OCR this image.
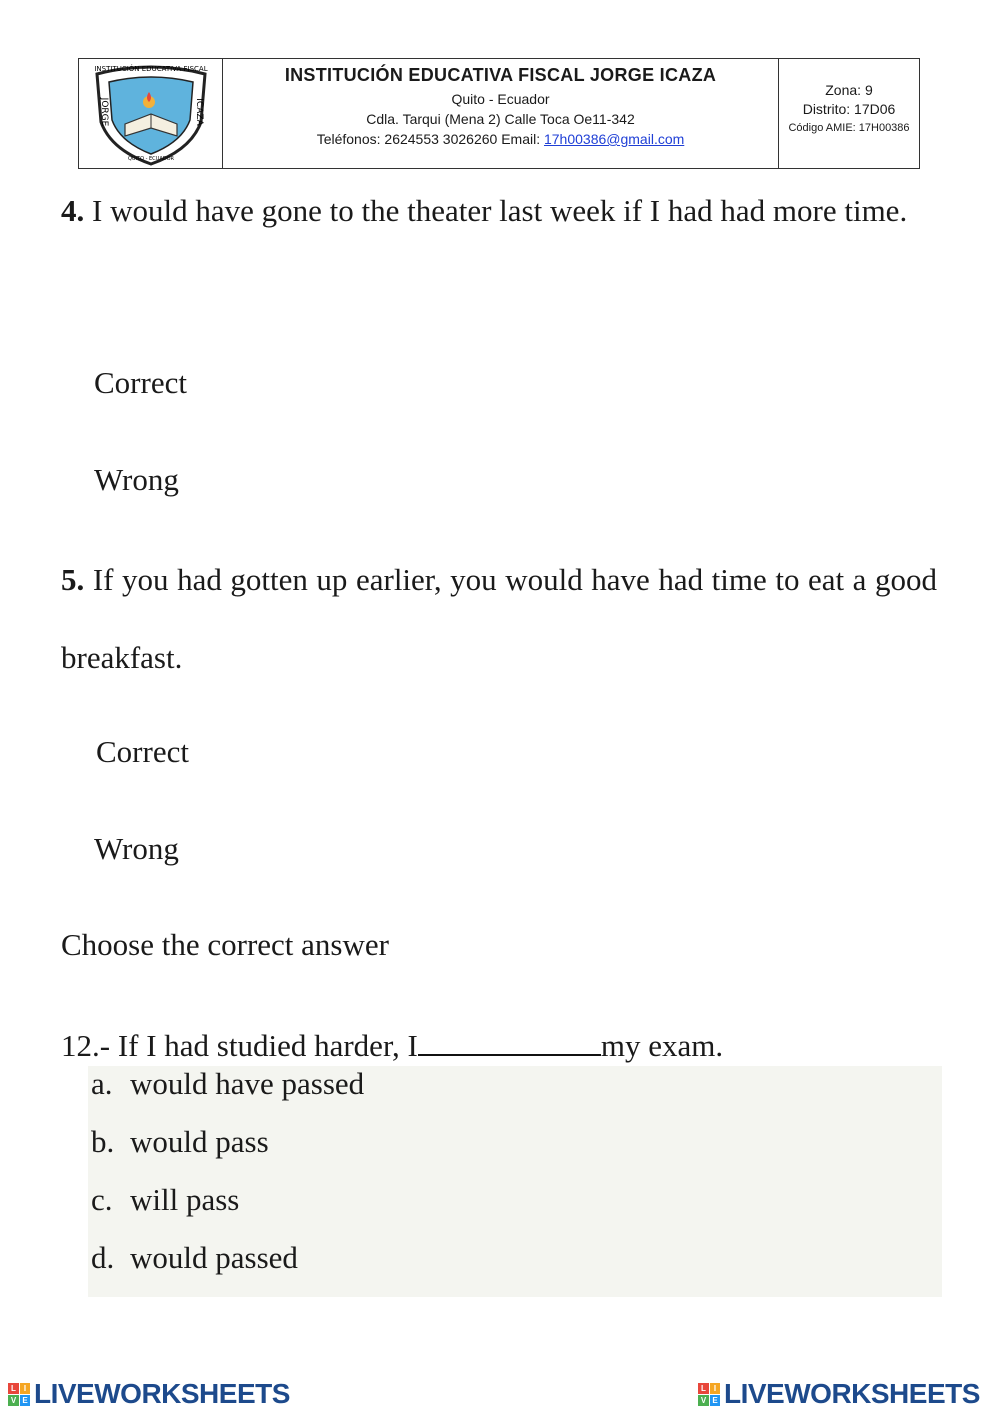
INSTITUCIÓN EDUCATIVA FISCAL
JORGE	ICAZA
QUITO - ECUADOR
INSTITUCIÓN EDUCATIVA FISCAL JORGE ICAZA
Quito - Ecuador
Cdla. Tarqui (Mena 2) Calle Toca Oe11-342
Teléfonos: 2624553 3026260 Email: 17h00386@gmail.com
Zona: 9
Distrito: 17D06
Código AMIE: 17H00386
4. I would have gone to the theater last week if I had had more time.
Correct
Wrong
5. If you had gotten up earlier, you would have had time to eat a good breakfast.
Correct
Wrong
Choose the correct answer
12.- If I had studied harder, I	my exam.
a. would have passed
b. would pass
c. will pass
d. would passed
L	I
V E LIVEWORKSHEETS	L	I
V E LIVEWORKSHEETS
